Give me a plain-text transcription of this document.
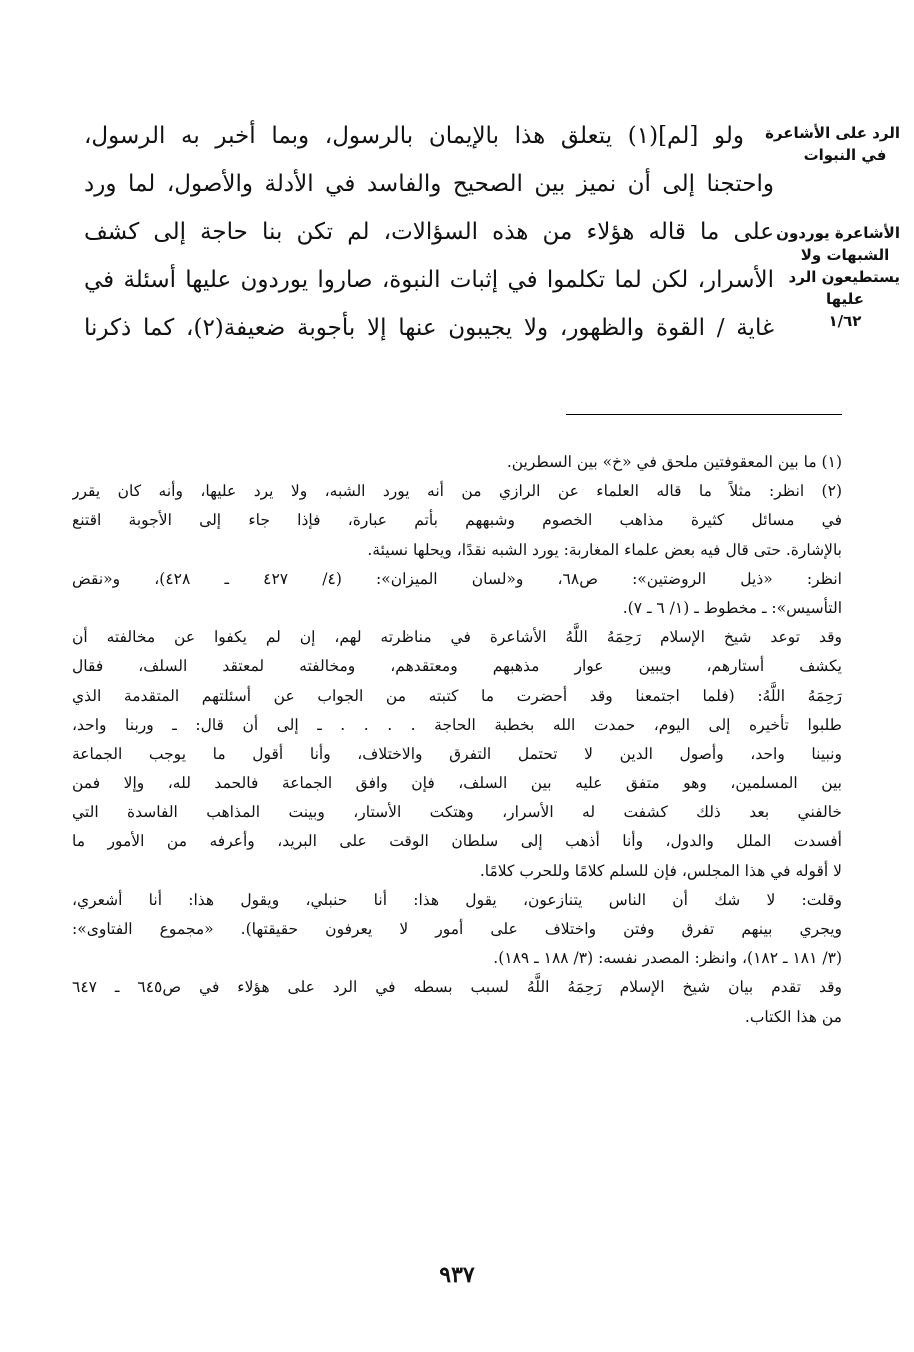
الرد على الأشاعرة
في النبوات
الأشاعرة يوردون
الشبهات ولا
يستطيعون الرد
عليها
١/٦٢
ولو [لم](١) يتعلق هذا بالإيمان بالرسول، وبما أخبر به الرسول،
واحتجنا إلى أن نميز بين الصحيح والفاسد في الأدلة والأصول، لما ورد
على ما قاله هؤلاء من هذه السؤالات، لم تكن بنا حاجة إلى كشف
الأسرار، لكن لما تكلموا في إثبات النبوة، صاروا يوردون عليها أسئلة في
غاية / القوة والظهور، ولا يجيبون عنها إلا بأجوبة ضعيفة(٢)، كما ذكرنا
(١) ما بين المعقوفتين ملحق في «خ» بين السطرين.
(٢) انظر: مثلاً ما قاله العلماء عن الرازي من أنه يورد الشبه، ولا يرد عليها، وأنه كان يقرر
في مسائل كثيرة مذاهب الخصوم وشبههم بأتم عبارة، فإذا جاء إلى الأجوبة اقتنع
بالإشارة. حتى قال فيه بعض علماء المغاربة: يورد الشبه نقدًا، ويحلها نسيئة.
انظر: «ذيل الروضتين»: ص٦٨، و«لسان الميزان»: (٤/ ٤٢٧ ـ ٤٢٨)، و«نقض
التأسيس»: ـ مخطوط ـ (١/ ٦ ـ ٧).
وقد توعد شيخ الإسلام رَحِمَهُ اللَّهُ الأشاعرة في مناظرته لهم، إن لم يكفوا عن مخالفته أن
يكشف أستارهم، ويبين عوار مذهبهم ومعتقدهم، ومخالفته لمعتقد السلف، فقال
رَحِمَهُ اللَّهُ: (فلما اجتمعنا وقد أحضرت ما كتبته من الجواب عن أسئلتهم المتقدمة الذي
طلبوا تأخيره إلى اليوم، حمدت الله بخطبة الحاجة . . . . ـ إلى أن قال: ـ وربنا واحد،
ونبينا واحد، وأصول الدين لا تحتمل التفرق والاختلاف، وأنا أقول ما يوجب الجماعة
بين المسلمين، وهو متفق عليه بين السلف، فإن وافق الجماعة فالحمد لله، وإلا فمن
خالفني بعد ذلك كشفت له الأسرار، وهتكت الأستار، وبينت المذاهب الفاسدة التي
أفسدت الملل والدول، وأنا أذهب إلى سلطان الوقت على البريد، وأعرفه من الأمور ما
لا أقوله في هذا المجلس، فإن للسلم كلامًا وللحرب كلامًا.
وقلت: لا شك أن الناس يتنازعون، يقول هذا: أنا حنبلي، ويقول هذا: أنا أشعري،
ويجري بينهم تفرق وفتن واختلاف على أمور لا يعرفون حقيقتها). «مجموع الفتاوى»:
(٣/ ١٨١ ـ ١٨٢)، وانظر: المصدر نفسه: (٣/ ١٨٨ ـ ١٨٩).
وقد تقدم بيان شيخ الإسلام رَحِمَهُ اللَّهُ لسبب بسطه في الرد على هؤلاء في ص٦٤٥ ـ ٦٤٧
من هذا الكتاب.
٩٣٧
